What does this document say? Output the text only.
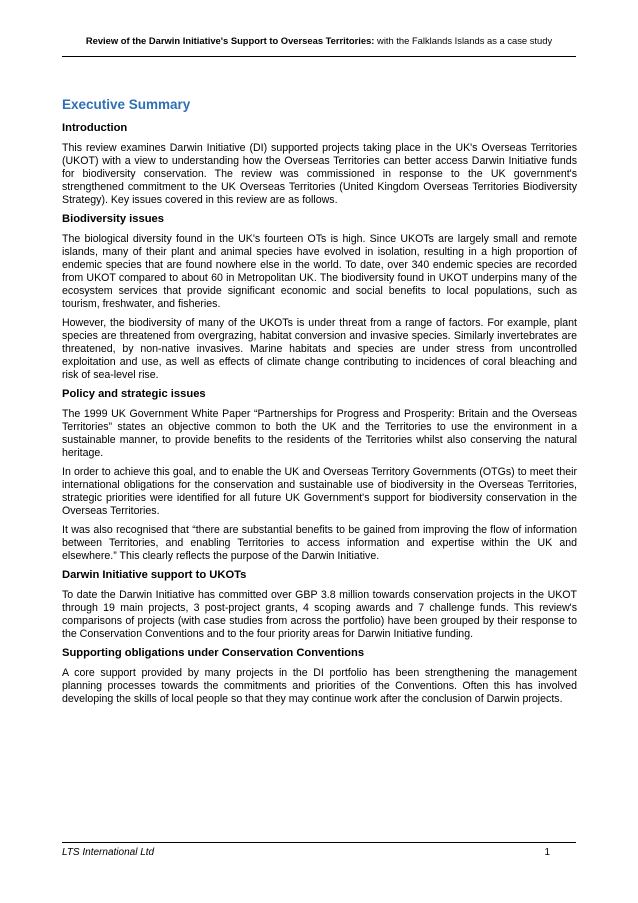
Review of the Darwin Initiative's Support to Overseas Territories: with the Falklands Islands as a case study
Executive Summary
Introduction

This review examines Darwin Initiative (DI) supported projects taking place in the UK's Overseas Territories (UKOT) with a view to understanding how the Overseas Territories can better access Darwin Initiative funds for biodiversity conservation. The review was commissioned in response to the UK government's strengthened commitment to the UK Overseas Territories (United Kingdom Overseas Territories Biodiversity Strategy). Key issues covered in this review are as follows.

Biodiversity issues

The biological diversity found in the UK's fourteen OTs is high. Since UKOTs are largely small and remote islands, many of their plant and animal species have evolved in isolation, resulting in a high proportion of endemic species that are found nowhere else in the world. To date, over 340 endemic species are recorded from UKOT compared to about 60 in Metropolitan UK. The biodiversity found in UKOT underpins many of the ecosystem services that provide significant economic and social benefits to local populations, such as tourism, freshwater, and fisheries.

However, the biodiversity of many of the UKOTs is under threat from a range of factors. For example, plant species are threatened from overgrazing, habitat conversion and invasive species. Similarly invertebrates are threatened, by non-native invasives. Marine habitats and species are under stress from uncontrolled exploitation and use, as well as effects of climate change contributing to incidences of coral bleaching and risk of sea-level rise.

Policy and strategic issues

The 1999 UK Government White Paper “Partnerships for Progress and Prosperity: Britain and the Overseas Territories” states an objective common to both the UK and the Territories to use the environment in a sustainable manner, to provide benefits to the residents of the Territories whilst also conserving the natural heritage.

In order to achieve this goal, and to enable the UK and Overseas Territory Governments (OTGs) to meet their international obligations for the conservation and sustainable use of biodiversity in the Overseas Territories, strategic priorities were identified for all future UK Government's support for biodiversity conservation in the Overseas Territories.

It was also recognised that “there are substantial benefits to be gained from improving the flow of information between Territories, and enabling Territories to access information and expertise within the UK and elsewhere.” This clearly reflects the purpose of the Darwin Initiative.

Darwin Initiative support to UKOTs

To date the Darwin Initiative has committed over GBP 3.8 million towards conservation projects in the UKOT through 19 main projects, 3 post-project grants, 4 scoping awards and 7 challenge funds. This review's comparisons of projects (with case studies from across the portfolio) have been grouped by their response to the Conservation Conventions and to the four priority areas for Darwin Initiative funding.

Supporting obligations under Conservation Conventions

A core support provided by many projects in the DI portfolio has been strengthening the management planning processes towards the commitments and priorities of the Conventions. Often this has involved developing the skills of local people so that they may continue work after the conclusion of Darwin projects.

LTS International Ltd	1
